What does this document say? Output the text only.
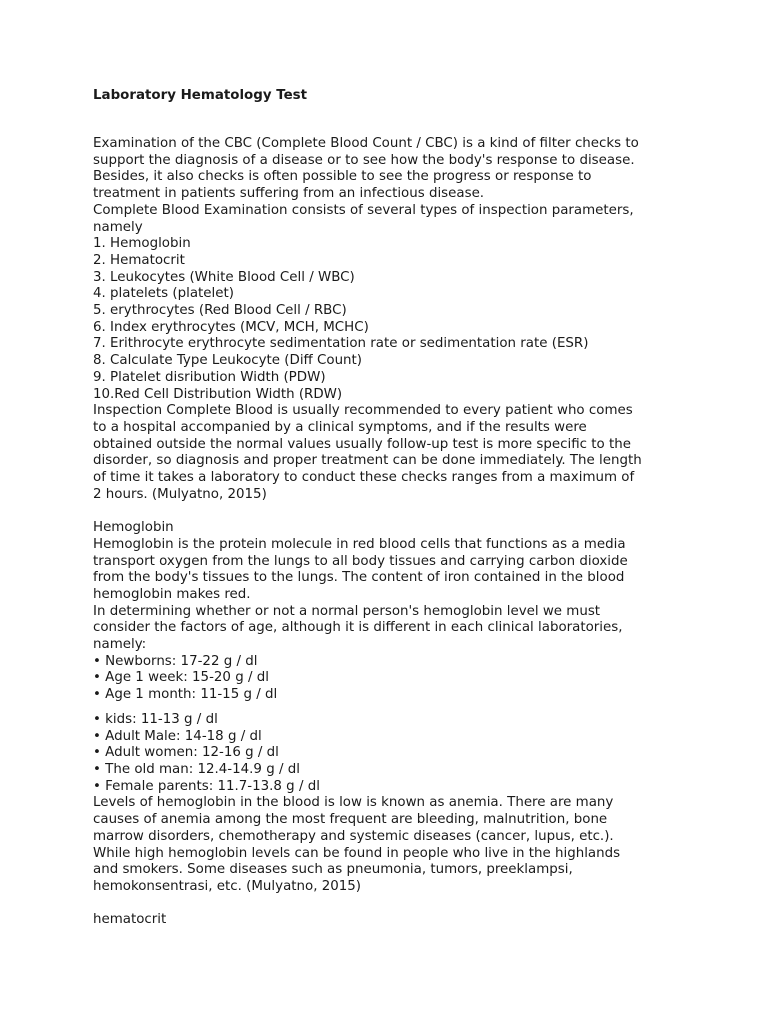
Laboratory Hematology Test

Examination of the CBC (Complete Blood Count / CBC) is a kind of filter checks to

support the diagnosis of a disease or to see how the body's response to disease.

Besides, it also checks is often possible to see the progress or response to

treatment in patients suffering from an infectious disease.

Complete Blood Examination consists of several types of inspection parameters,

namely

1. Hemoglobin

2. Hematocrit

3. Leukocytes (White Blood Cell / WBC)

4. platelets (platelet)

5. erythrocytes (Red Blood Cell / RBC)

6. Index erythrocytes (MCV, MCH, MCHC)

7. Erithrocyte erythrocyte sedimentation rate or sedimentation rate (ESR)

8. Calculate Type Leukocyte (Diff Count)

9. Platelet disribution Width (PDW)

10.Red Cell Distribution Width (RDW)

Inspection Complete Blood is usually recommended to every patient who comes

to a hospital accompanied by a clinical symptoms, and if the results were

obtained outside the normal values usually follow-up test is more specific to the

disorder, so diagnosis and proper treatment can be done immediately. The length

of time it takes a laboratory to conduct these checks ranges from a maximum of

2 hours. (Mulyatno, 2015)

Hemoglobin

Hemoglobin is the protein molecule in red blood cells that functions as a media

transport oxygen from the lungs to all body tissues and carrying carbon dioxide

from the body's tissues to the lungs. The content of iron contained in the blood

hemoglobin makes red.

In determining whether or not a normal person's hemoglobin level we must

consider the factors of age, although it is different in each clinical laboratories,

namely:

• Newborns: 17-22 g / dl

• Age 1 week: 15-20 g / dl

• Age 1 month: 11-15 g / dl

• kids: 11-13 g / dl

• Adult Male: 14-18 g / dl

• Adult women: 12-16 g / dl

• The old man: 12.4-14.9 g / dl

• Female parents: 11.7-13.8 g / dl

Levels of hemoglobin in the blood is low is known as anemia. There are many

causes of anemia among the most frequent are bleeding, malnutrition, bone

marrow disorders, chemotherapy and systemic diseases (cancer, lupus, etc.).

While high hemoglobin levels can be found in people who live in the highlands

and smokers. Some diseases such as pneumonia, tumors, preeklampsi,

hemokonsentrasi, etc. (Mulyatno, 2015)

hematocrit
